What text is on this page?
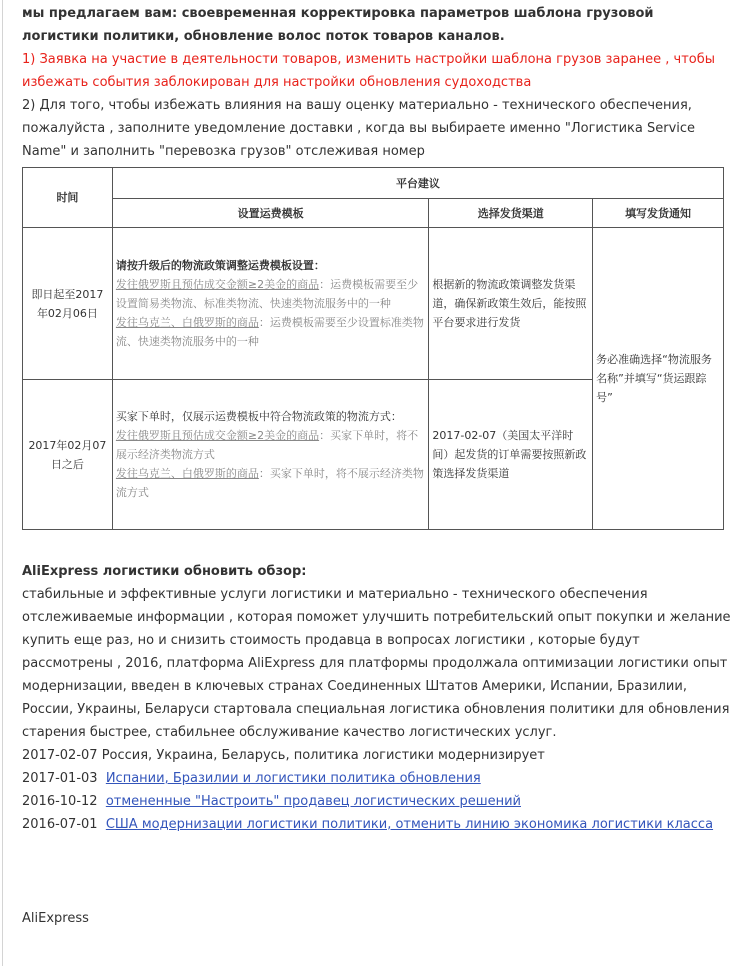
мы предлагаем вам: своевременная корректировка параметров шаблона грузовой логистики политики, обновление волос поток товаров каналов.

1) Заявка на участие в деятельности товаров, изменить настройки шаблона грузов заранее , чтобы избежать события заблокирован для настройки обновления судоходства

2) Для того, чтобы избежать влияния на вашу оценку материально - технического обеспечения, пожалуйста , заполните уведомление доставки , когда вы выбираете именно "Логистика Service Name" и заполнить "перевозка грузов" отслеживая номер

时间	平台建议		
	设置运费模板	选择发货渠道	填写发货通知
即日起至2017年02月06日	请按升级后的物流政策调整运费模板设置：
发往俄罗斯且预估成交金额≥2美金的商品：运费模板需要至少设置简易类物流、标准类物流、快速类物流服务中的一种
发往乌克兰、白俄罗斯的商品：运费模板需要至少设置标准类物流、快速类物流服务中的一种	根据新的物流政策调整发货渠道，确保新政策生效后，能按照平台要求进行发货	务必准确选择“物流服务名称”并填写“货运跟踪号”
2017年02月07日之后	买家下单时，仅展示运费模板中符合物流政策的物流方式：
发往俄罗斯且预估成交金额≥2美金的商品：买家下单时，将不展示经济类物流方式
发往乌克兰、白俄罗斯的商品：买家下单时，将不展示经济类物流方式	2017-02-07（美国太平洋时间）起发货的订单需要按照新政策选择发货渠道	
AliExpress логистики обновить обзор:

стабильные и эффективные услуги логистики и материально - технического обеспечения отслеживаемые информации , которая поможет улучшить потребительский опыт покупки и желание купить еще раз, но и снизить стоимость продавца в вопросах логистики , которые будут рассмотрены , 2016, платформа AliExpress для платформы продолжала оптимизации логистики опыт модернизации, введен в ключевых странах Соединенных Штатов Америки, Испании, Бразилии, России, Украины, Беларуси стартовала специальная логистика обновления политики для обновления старения быстрее, стабильнее обслуживание качество логистических услуг.

2017-02-07 Россия, Украина, Беларусь, политика логистики модернизирует
2017-01-03 Испании, Бразилии и логистики политика обновления
2016-10-12 отмененные "Настроить" продавец логистических решений
2016-07-01 США модернизации логистики политики, отменить линию экономика логистики класса
AliExpress
